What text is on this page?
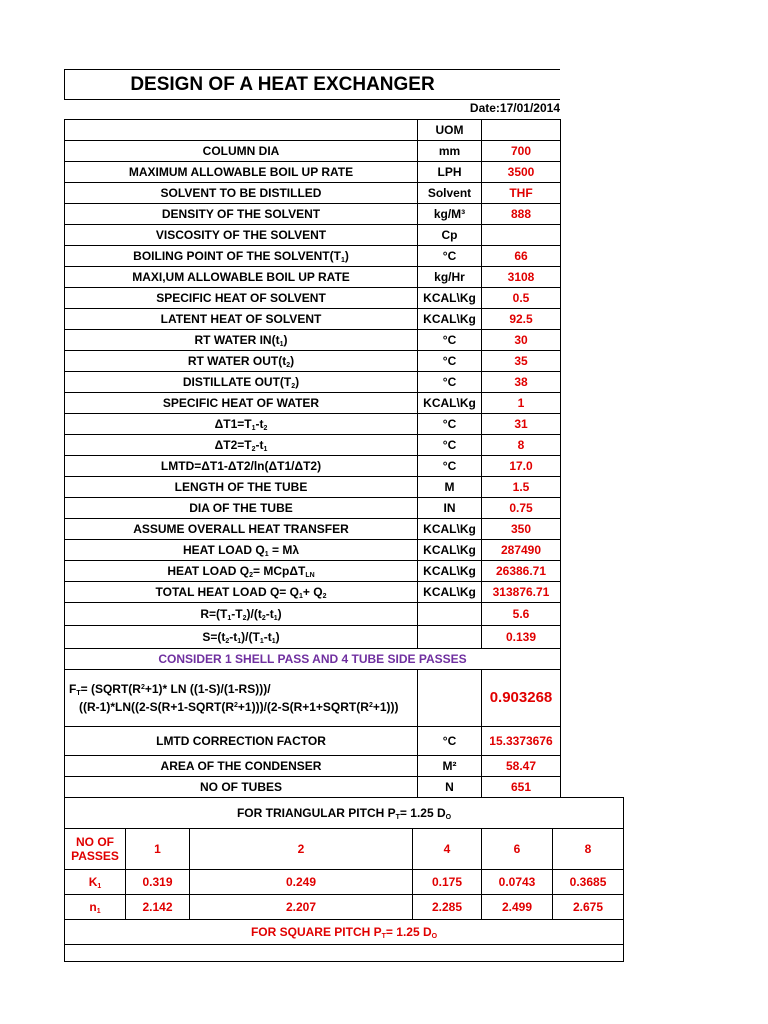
DESIGN OF A HEAT EXCHANGER
Date:17/01/2014
	UOM	
COLUMN DIA	mm	700
MAXIMUM ALLOWABLE BOIL UP RATE	LPH	3500
SOLVENT TO BE DISTILLED	Solvent	THF
DENSITY OF THE SOLVENT	kg/M³	888
VISCOSITY OF THE SOLVENT	Cp	
BOILING POINT OF THE $SOLVENT(T_1)$	°C	66
MAXI,UM ALLOWABLE BOIL UP RATE	kg/Hr	3108
SPECIFIC HEAT OF SOLVENT	KCAL\Kg	0.5
LATENT HEAT OF SOLVENT	KCAL\Kg	92.5
RT WATER $IN(t_1)$	°C	30
RT WATER $OUT(t_2)$	°C	35
DISTILLATE $OUT(T_2)$	°C	38
SPECIFIC HEAT OF WATER	KCAL\Kg	1
$\Delta T1=T_1-t_2$	°C	31
$\Delta T2=T_2-t_1$	°C	8
LMTD=ΔT1-ΔT2/ln(ΔT1/ΔT2)	°C	17.0
LENGTH OF THE TUBE	M	1.5
DIA OF THE TUBE	IN	0.75
ASSUME OVERALL HEAT TRANSFER	KCAL\Kg	350
HEAT LOAD $Q_1 = M\lambda$	KCAL\Kg	287490
HEAT LOAD $Q_2= MCp\Delta T_{LN}$	KCAL\Kg	26386.71
TOTAL HEAT LOAD $Q= Q_1+ Q_2$	KCAL\Kg	313876.71
$R=(T_1-T_2)/(t_2-t_1)$		5.6
$S=(t_2-t_1)/(T_1-t_1)$		0.139
CONSIDER 1 SHELL PASS AND 4 TUBE SIDE PASSES		

$F_T=$ ($SQRT(R^2+1)*$ LN ((1-S)/(1-RS)))/
($(R-1)*LN((2-S(R+1-SQRT(R^2+1)))/(2-S(R+1+SQRT(R^2+1)))$		0.903268
LMTD CORRECTION FACTOR	°C	15.3373676
AREA OF THE CONDENSER	M²	58.47
NO OF TUBES	N	651
FOR TRIANGULAR PITCH $P_T= 1.25$ $D_O$
NO OF PASSES	1	2	4	6	8
$K_1$	0.319	0.249	0.175	0.0743	0.3685
$n_1$	2.142	2.207	2.285	2.499	2.675
FOR SQUARE PITCH $P_T= 1.25$ $D_O$
